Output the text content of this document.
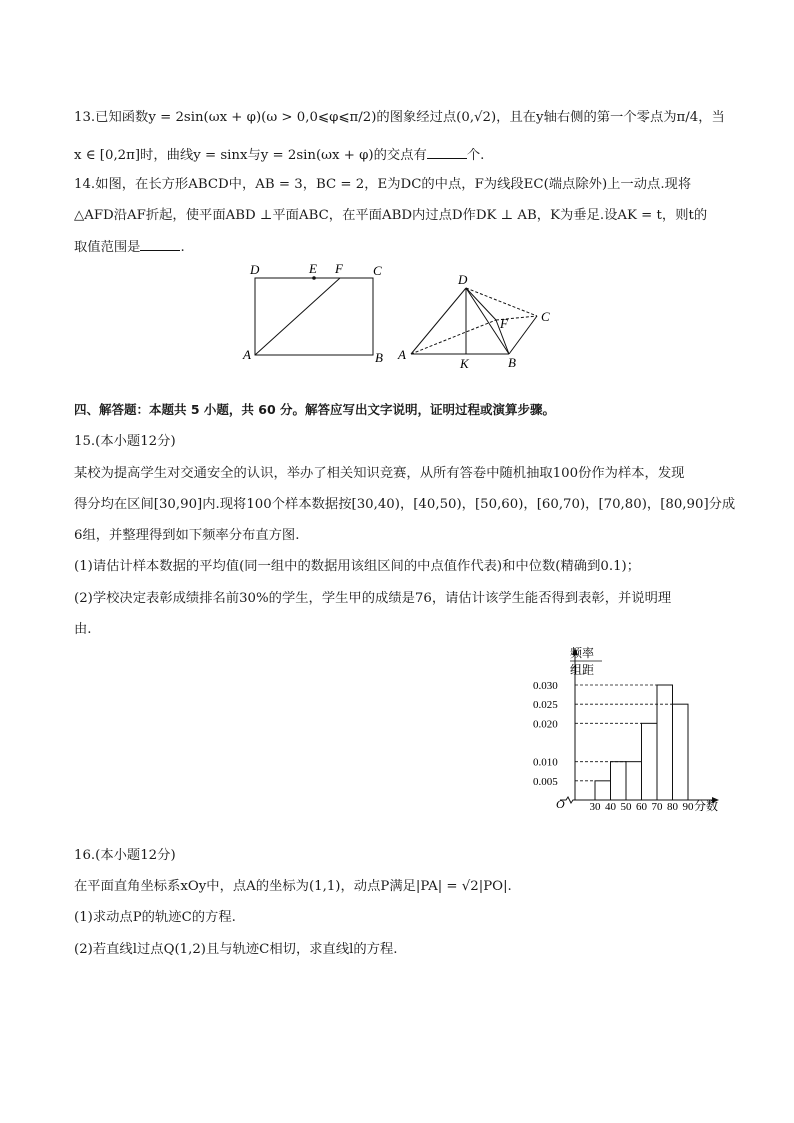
13.已知函数y = 2sin(ωx + φ)(ω > 0,0⩽φ⩽π/2)的图象经过点(0,√2)，且在y轴右侧的第一个零点为π/4，当
x ∈ [0,2π]时，曲线y = sinx与y = 2sin(ωx + φ)的交点有	个.
14.如图，在长方形ABCD中，AB = 3，BC = 2，E为DC的中点，F为线段EC(端点除外)上一动点.现将
△AFD沿AF折起，使平面ABD ⊥平面ABC，在平面ABD内过点D作DK ⊥ AB，K为垂足.设AK = t，则t的
取值范围是	.
D	E F C
A	B
D
F	C
A
K	B
四、解答题：本题共 5 小题，共 60 分。解答应写出文字说明，证明过程或演算步骤。
15.(本小题12分)
某校为提高学生对交通安全的认识，举办了相关知识竞赛，从所有答卷中随机抽取100份作为样本，发现
得分均在区间[30,90]内.现将100个样本数据按[30,40)，[40,50)，[50,60)，[60,70)，[70,80)，[80,90]分成
6组，并整理得到如下频率分布直方图.
(1)请估计样本数据的平均值(同一组中的数据用该组区间的中点值作代表)和中位数(精确到0.1)；
(2)学校决定表彰成绩排名前30%的学生，学生甲的成绩是76，请估计该学生能否得到表彰，并说明理
由.
0.005
0.010
0.020
0.025
0.030
30 40 50 60 70 80 90
频率
组距
分数
O
16.(本小题12分)
在平面直角坐标系xOy中，点A的坐标为(1,1)，动点P满足|PA| = √2|PO|.
(1)求动点P的轨迹C的方程.
(2)若直线l过点Q(1,2)且与轨迹C相切，求直线l的方程.
